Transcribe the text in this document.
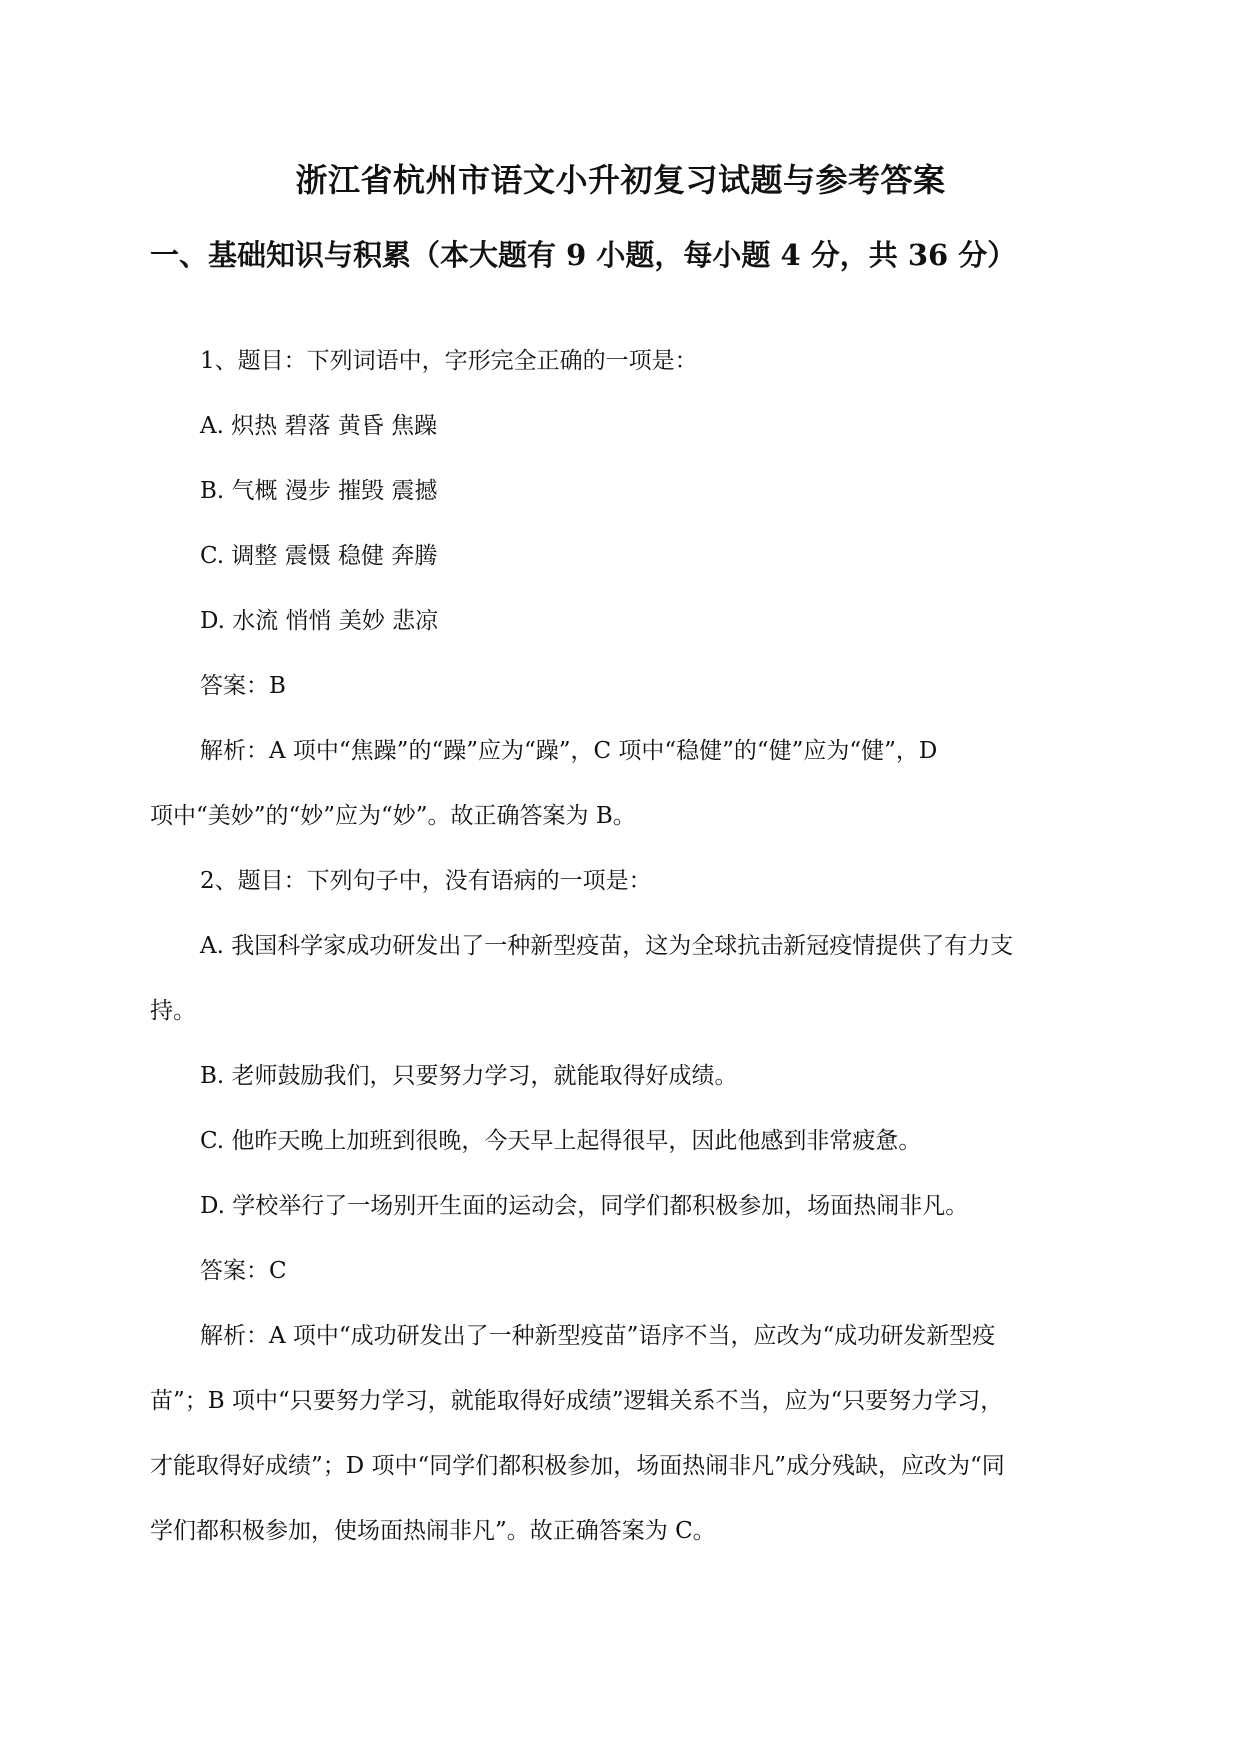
浙江省杭州市语文小升初复习试题与参考答案
一、基础知识与积累（本大题有 9 小题，每小题 4 分，共 36 分）
1、题目：下列词语中，字形完全正确的一项是：
A. 炽热 碧落 黄昏 焦躁
B. 气概 漫步 摧毁 震撼
C. 调整 震慑 稳健 奔腾
D. 水流 悄悄 美妙 悲凉
答案：B
解析：A 项中“焦躁”的“躁”应为“躁”，C 项中“稳健”的“健”应为“健”，D
项中“美妙”的“妙”应为“妙”。故正确答案为 B。
2、题目：下列句子中，没有语病的一项是：
A. 我国科学家成功研发出了一种新型疫苗，这为全球抗击新冠疫情提供了有力支
持。
B. 老师鼓励我们，只要努力学习，就能取得好成绩。
C. 他昨天晚上加班到很晚，今天早上起得很早，因此他感到非常疲惫。
D. 学校举行了一场别开生面的运动会，同学们都积极参加，场面热闹非凡。
答案：C
解析：A 项中“成功研发出了一种新型疫苗”语序不当，应改为“成功研发新型疫
苗”；B 项中“只要努力学习，就能取得好成绩”逻辑关系不当，应为“只要努力学习，
才能取得好成绩”；D 项中“同学们都积极参加，场面热闹非凡”成分残缺，应改为“同
学们都积极参加，使场面热闹非凡”。故正确答案为 C。
